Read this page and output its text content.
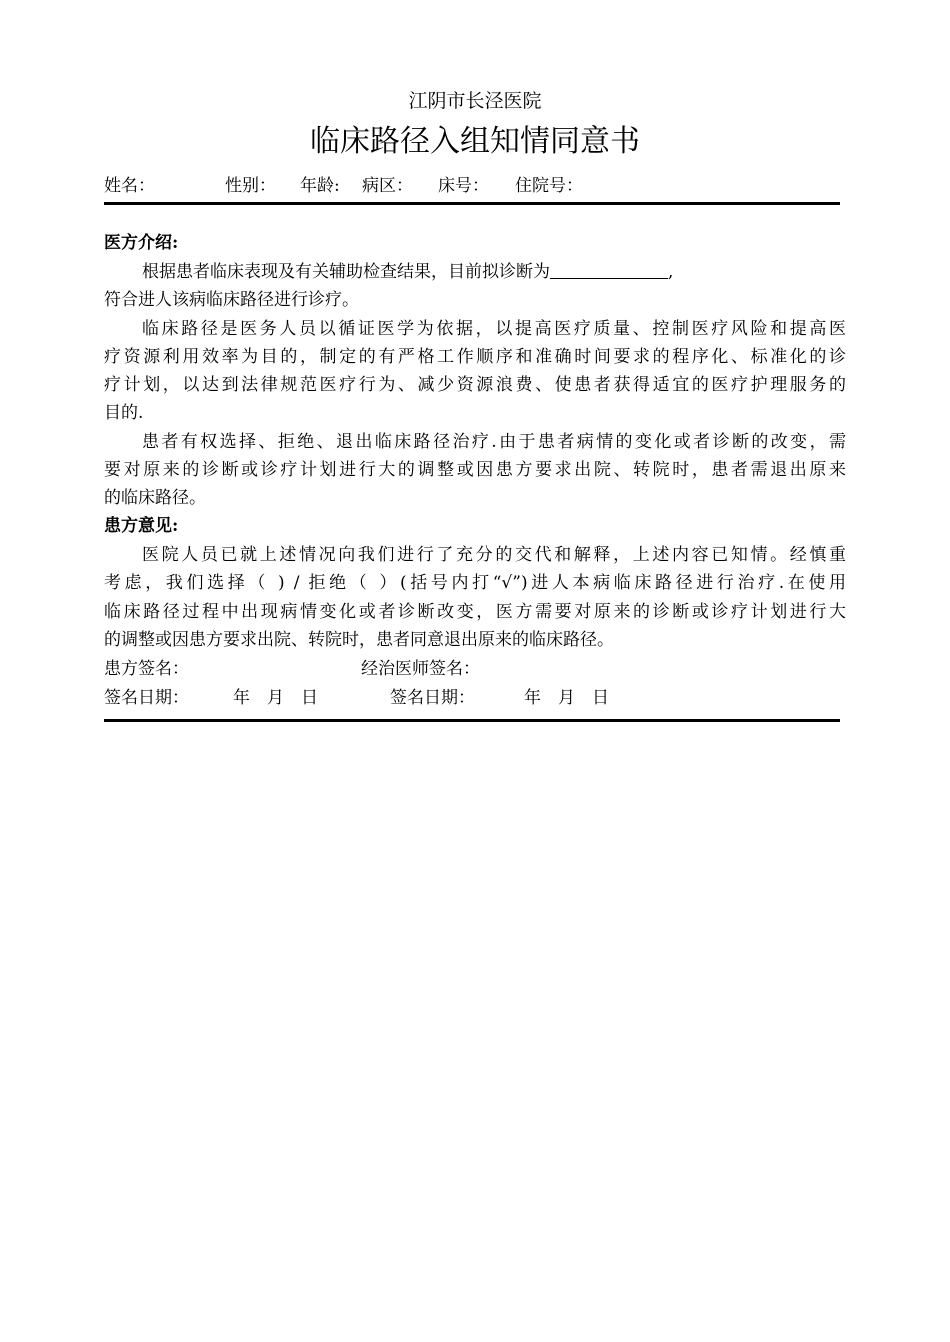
江阴市长泾医院
临床路径入组知情同意书
姓名：	性别： 年龄: 病区： 床号： 住院号：
医方介绍:
根据患者临床表现及有关辅助检查结果，目前拟诊断为	,
符合进人该病临床路径进行诊疗。
临床路径是医务人员以循证医学为依据，以提高医疗质量、控制医疗风险和提高医
疗资源利用效率为目的，制定的有严格工作顺序和准确时间要求的程序化、标准化的诊
疗计划，以达到法律规范医疗行为、减少资源浪费、使患者获得适宜的医疗护理服务的
目的.
患者有权选择、拒绝、退出临床路径治疗.由于患者病情的变化或者诊断的改变，需
要对原来的诊断或诊疗计划进行大的调整或因患方要求出院、转院时，患者需退出原来
的临床路径。
患方意见:
医院人员已就上述情况向我们进行了充分的交代和解释，上述内容已知情。经慎重
考虑，我们选择（ ) / 拒绝（ ）(括号内打“√”)进人本病临床路径进行治疗.在使用
临床路径过程中出现病情变化或者诊断改变，医方需要对原来的诊断或诊疗计划进行大
的调整或因患方要求出院、转院时，患者同意退出原来的临床路径。
患方签名：	经治医师签名：
签名日期：	年　月　日	签名日期：	年　月　日
